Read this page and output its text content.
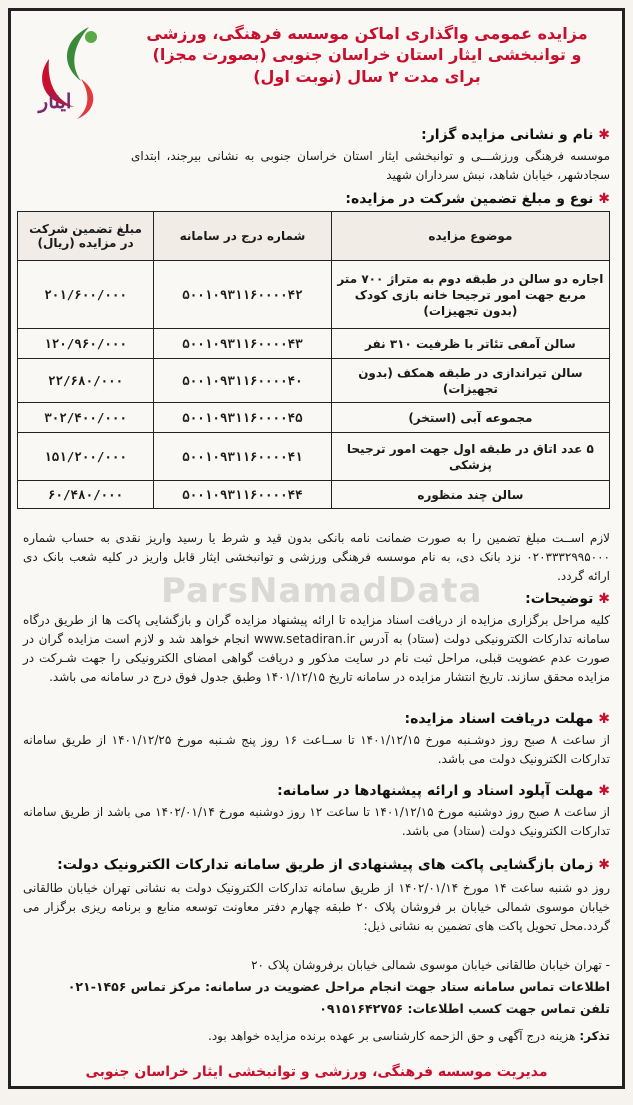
ایثار
مزایده عمومی واگذاری اماکن موسسه فرهنگی، ورزشی
و توانبخشی ایثار استان خراسان جنوبی (بصورت مجزا)
برای مدت ۲ سال (نوبت اول)
✱ نام و نشانی مزایده گزار:
موسسه فرهنگی ورزشـــی و توانبخشی ایثار استان خراسان جنوبی به نشانی بیرجند، ابتدای سجادشهر، خیابان شاهد، نبش سرداران شهید
✱ نوع و مبلغ تضمین شرکت در مزایده:
موضوع مزایده	شماره درج در سامانه	مبلغ تضمین شرکت در مزایده (ریال)
اجاره دو سالن در طبقه دوم به متراژ ۷۰۰ متر مربع جهت امور ترجیحا خانه بازی کودک (بدون تجهیزات)	۵۰۰۱۰۹۳۱۱۶۰۰۰۰۴۲	۲۰۱/۶۰۰/۰۰۰
سالن آمفی تئاتر با ظرفیت ۳۱۰ نفر	۵۰۰۱۰۹۳۱۱۶۰۰۰۰۴۳	۱۲۰/۹۶۰/۰۰۰
سالن تیراندازی در طبقه همکف (بدون تجهیزات)	۵۰۰۱۰۹۳۱۱۶۰۰۰۰۴۰	۲۲/۶۸۰/۰۰۰
مجموعه آبی (استخر)	۵۰۰۱۰۹۳۱۱۶۰۰۰۰۴۵	۳۰۲/۴۰۰/۰۰۰
۵ عدد اتاق در طبقه اول جهت امور ترجیحا پزشکی	۵۰۰۱۰۹۳۱۱۶۰۰۰۰۴۱	۱۵۱/۲۰۰/۰۰۰
سالن چند منظوره	۵۰۰۱۰۹۳۱۱۶۰۰۰۰۴۴	۶۰/۴۸۰/۰۰۰
لازم اســت مبلغ تضمین را به صورت ضمانت نامه بانکی بدون قید و شرط یا رسید واریز نقدی به حساب شماره ۰۲۰۳۳۳۲۹۹۵۰۰۰ نزد بانک دی، به نام موسسه فرهنگی ورزشی و توانبخشی ایثار قابل واریز در کلیه شعب بانک دی ارائه گردد.
ParsNamadData	✱ توضیحات:
کلیه مراحل برگزاری مزایده از دریافت اسناد مزایده تا ارائه پیشنهاد مزایده گران و بازگشایی پاکت ها از طریق درگاه سامانه تدارکات الکترونیکی دولت (ستاد) به آدرس www.setadiran.ir انجام خواهد شد و لازم است مزایده گران در صورت عدم عضویت قبلی، مراحل ثبت نام در سایت مذکور و دریافت گواهی امضای الکترونیکی را جهت شـرکت در مزایده محقق سازند. تاریخ انتشار مزایده در سامانه تاریخ ۱۴۰۱/۱۲/۱۵ وطبق جدول فوق درج در سامانه می باشد.
✱ مهلت دریافت اسناد مزایده:
از ساعت ۸ صبح روز دوشـنبه مورخ ۱۴۰۱/۱۲/۱۵ تا ســاعت ۱۶ روز پنج شـنبه مورخ ۱۴۰۱/۱۲/۲۵ از طریق سامانه تدارکات الکترونیک دولت می باشد.
✱ مهلت آپلود اسناد و ارائه پیشنهادها در سامانه:
از ساعت ۸ صبح روز دوشنبه مورخ ۱۴۰۱/۱۲/۱۵ تا ساعت ۱۲ روز دوشنبه مورخ ۱۴۰۲/۰۱/۱۴ می باشد از طریق سامانه تدارکات الکترونیک دولت (ستاد) می باشد.
✱ زمان بازگشایی پاکت های پیشنهادی از طریق سامانه تدارکات الکترونیک دولت:
روز دو شنبه ساعت ۱۴ مورخ ۱۴۰۲/۰۱/۱۴ از طریق سامانه تدارکات الکترونیک دولت به نشانی تهران خیابان طالقانی خیابان موسوی شمالی خیابان بر فروشان پلاک ۲۰ طبقه چهارم دفتر معاونت توسعه منابع و برنامه ریزی برگزار می گردد.محل تحویل پاکت های تضمین به نشانی ذیل:
- تهران خیابان طالقانی خیابان موسوی شمالی خیابان برفروشان پلاک ۲۰
اطلاعات تماس سامانه ستاد جهت انجام مراحل عضویت در سامانه: مرکز تماس ۱۴۵۶-۰۲۱
تلفن تماس جهت کسب اطلاعات: ۰۹۱۵۱۶۴۲۷۵۶
تذکر: هزینه درج آگهی و حق الزحمه کارشناسی بر عهده برنده مزایده خواهد بود.
مدیریت موسسه فرهنگی، ورزشی و توانبخشی ایثار خراسان جنوبی
